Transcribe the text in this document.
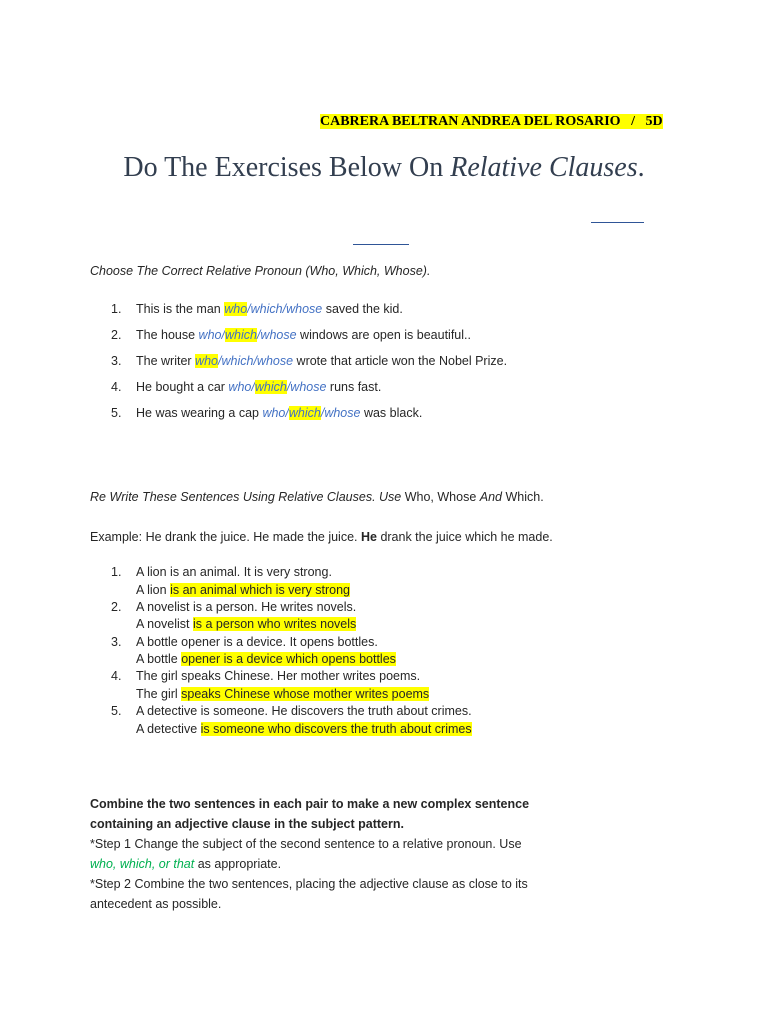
CABRERA BELTRAN ANDREA DEL ROSARIO / 5D
Do The Exercises Below On Relative Clauses.
Choose The Correct Relative Pronoun (Who, Which, Whose).
1. This is the man who/which/whose saved the kid.
2. The house who/which/whose windows are open is beautiful..
3. The writer who/which/whose wrote that article won the Nobel Prize.
4. He bought a car who/which/whose runs fast.
5. He was wearing a cap who/which/whose was black.
Re Write These Sentences Using Relative Clauses. Use Who, Whose And Which.
Example: He drank the juice. He made the juice. He drank the juice which he made.
1. A lion is an animal. It is very strong.
A lion is an animal which is very strong
2. A novelist is a person. He writes novels.
A novelist is a person who writes novels
3. A bottle opener is a device. It opens bottles.
A bottle opener is a device which opens bottles
4. The girl speaks Chinese. Her mother writes poems.
The girl speaks Chinese whose mother writes poems
5. A detective is someone. He discovers the truth about crimes.
A detective is someone who discovers the truth about crimes
Combine the two sentences in each pair to make a new complex sentence
containing an adjective clause in the subject pattern.
*Step 1 Change the subject of the second sentence to a relative pronoun. Use
who, which, or that as appropriate.
*Step 2 Combine the two sentences, placing the adjective clause as close to its
antecedent as possible.
